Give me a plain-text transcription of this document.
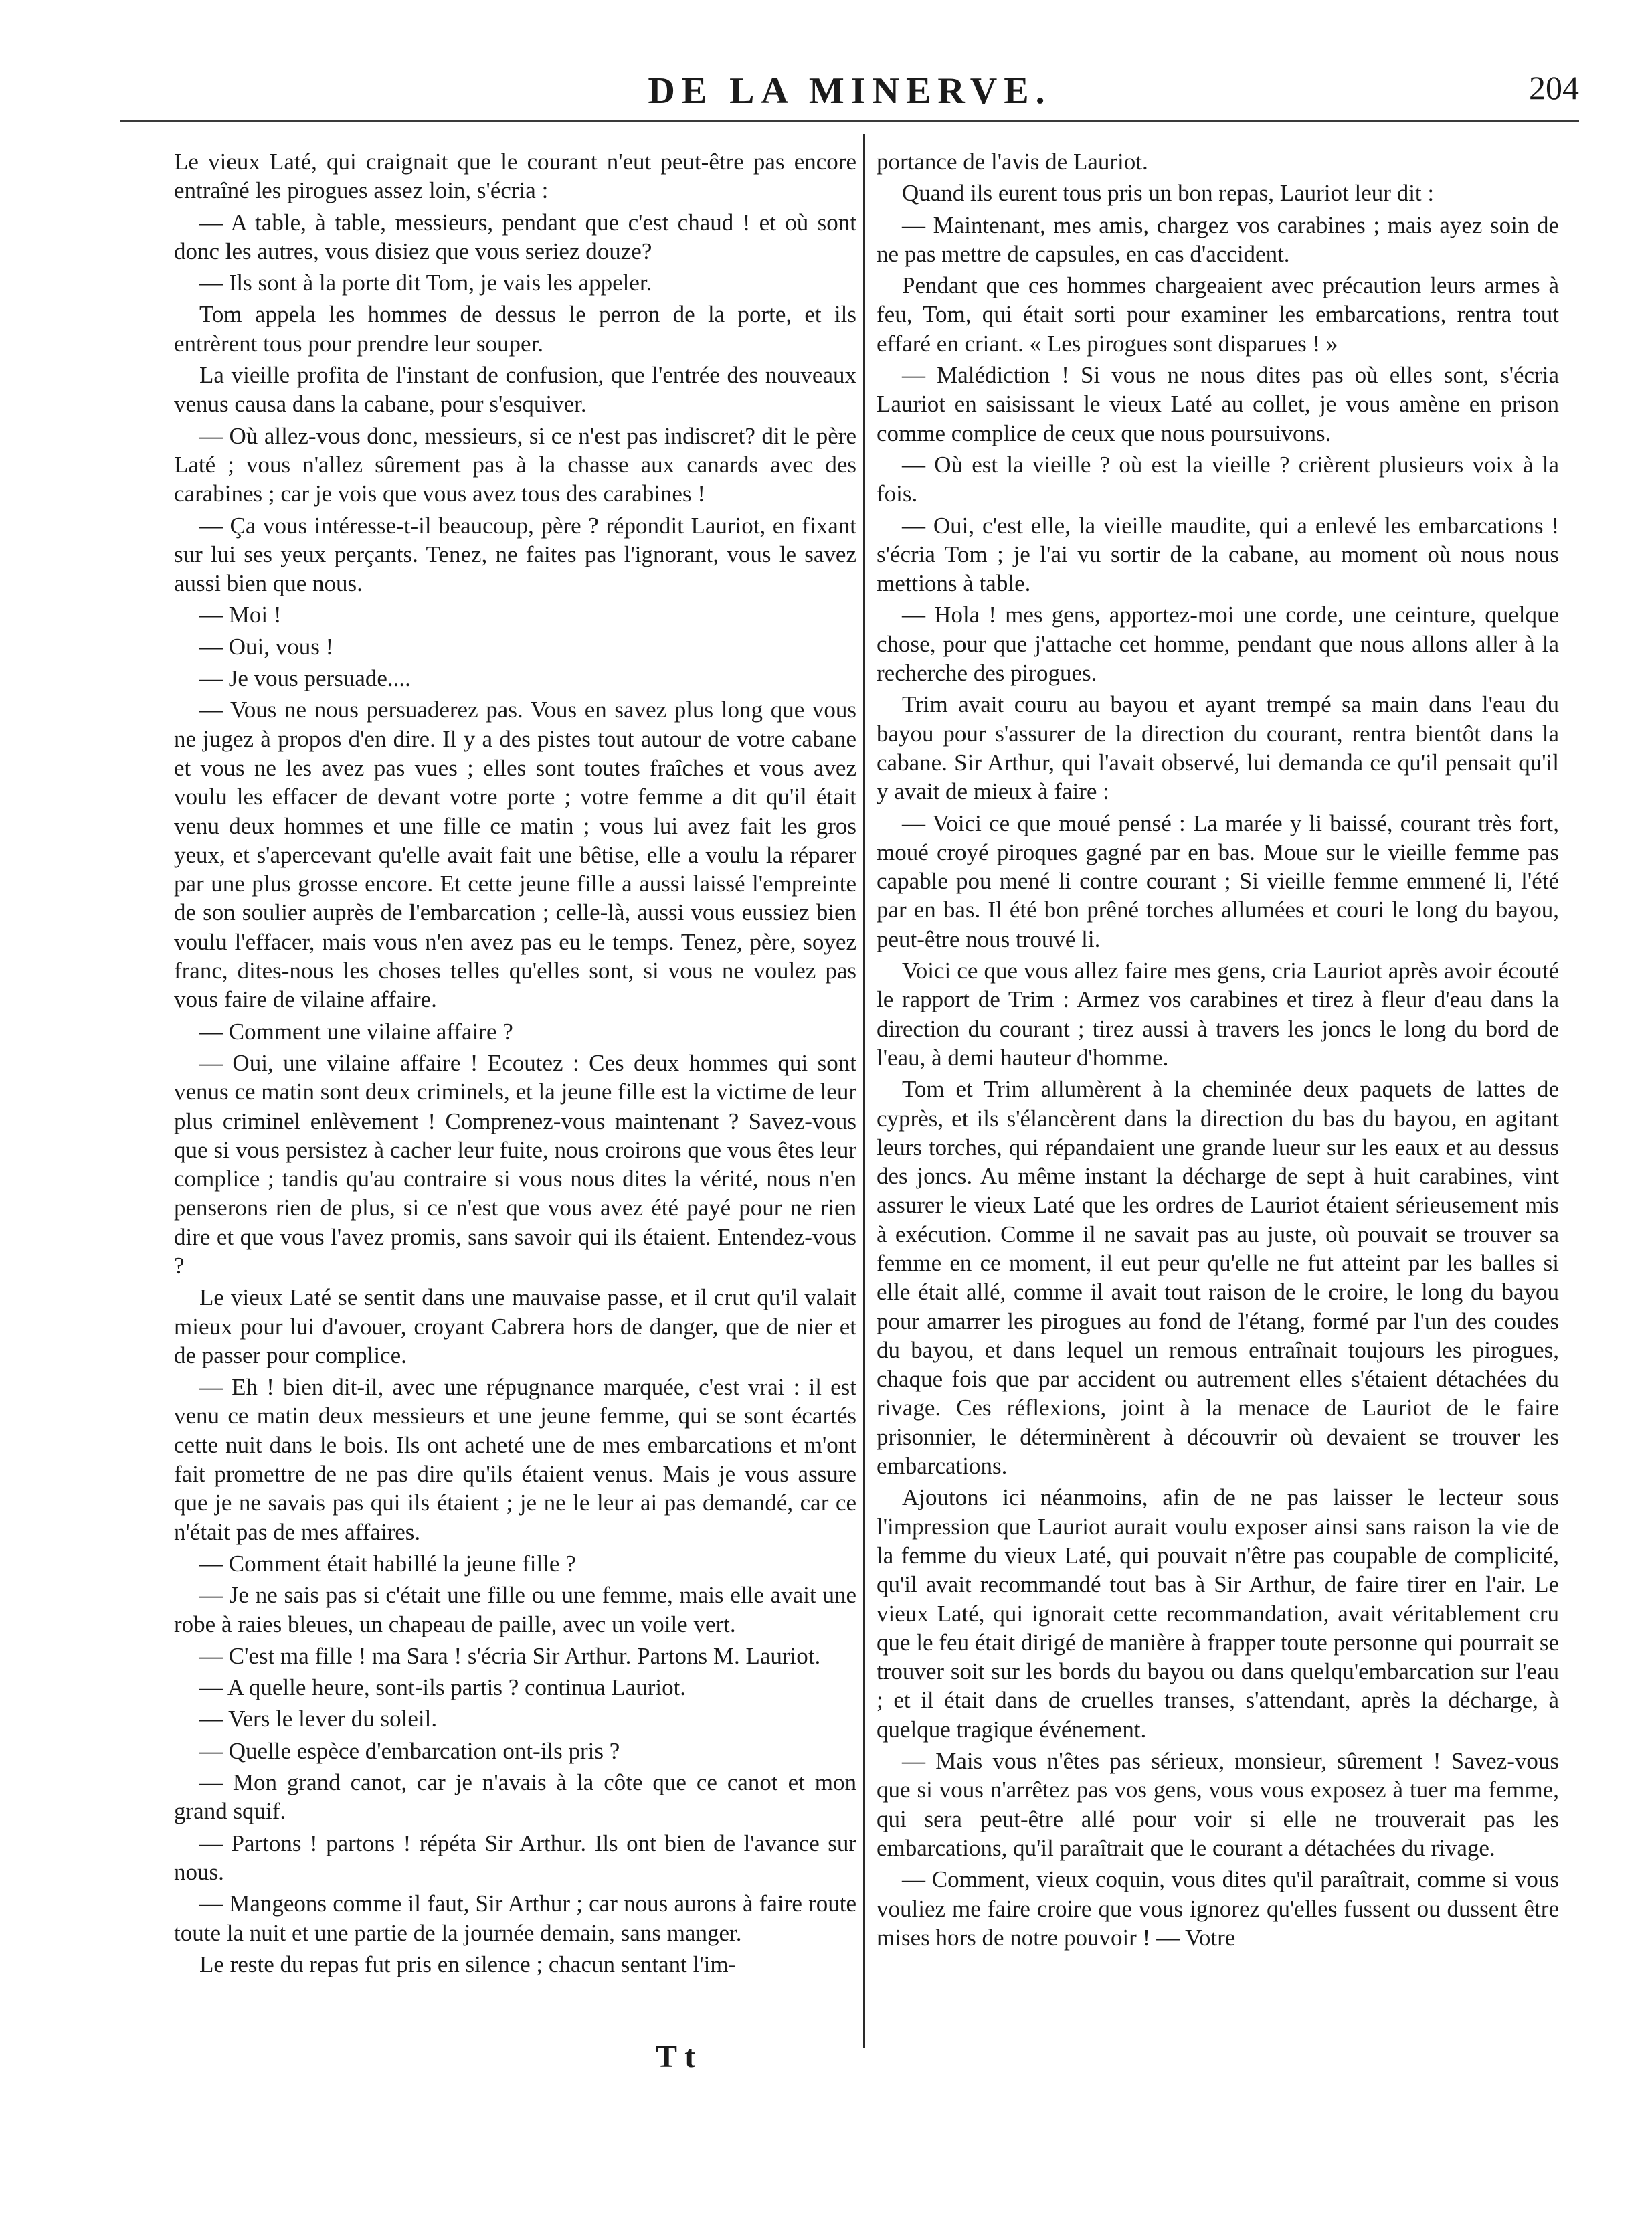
DE LA MINERVE.	204

Le vieux Laté, qui craignait que le courant n'eut peut-être pas encore entraîné les pirogues assez loin, s'écria :

— A table, à table, messieurs, pendant que c'est chaud ! et où sont donc les autres, vous disiez que vous seriez douze?

— Ils sont à la porte dit Tom, je vais les appeler.

Tom appela les hommes de dessus le perron de la porte, et ils entrèrent tous pour prendre leur souper.

La vieille profita de l'instant de confusion, que l'entrée des nouveaux venus causa dans la cabane, pour s'esquiver.

— Où allez-vous donc, messieurs, si ce n'est pas indiscret? dit le père Laté ; vous n'allez sûrement pas à la chasse aux canards avec des carabines ; car je vois que vous avez tous des carabines !

— Ça vous intéresse-t-il beaucoup, père ? répondit Lauriot, en fixant sur lui ses yeux perçants. Tenez, ne faites pas l'ignorant, vous le savez aussi bien que nous.

— Moi !

— Oui, vous !

— Je vous persuade....

— Vous ne nous persuaderez pas. Vous en savez plus long que vous ne jugez à propos d'en dire. Il y a des pistes tout autour de votre cabane et vous ne les avez pas vues ; elles sont toutes fraîches et vous avez voulu les effacer de devant votre porte ; votre femme a dit qu'il était venu deux hommes et une fille ce matin ; vous lui avez fait les gros yeux, et s'apercevant qu'elle avait fait une bêtise, elle a voulu la réparer par une plus grosse encore. Et cette jeune fille a aussi laissé l'empreinte de son soulier auprès de l'embarcation ; celle-là, aussi vous eussiez bien voulu l'effacer, mais vous n'en avez pas eu le temps. Tenez, père, soyez franc, dites-nous les choses telles qu'elles sont, si vous ne voulez pas vous faire de vilaine affaire.

— Comment une vilaine affaire ?

— Oui, une vilaine affaire ! Ecoutez : Ces deux hommes qui sont venus ce matin sont deux criminels, et la jeune fille est la victime de leur plus criminel enlèvement ! Comprenez-vous maintenant ? Savez-vous que si vous persistez à cacher leur fuite, nous croirons que vous êtes leur complice ; tandis qu'au contraire si vous nous dites la vérité, nous n'en penserons rien de plus, si ce n'est que vous avez été payé pour ne rien dire et que vous l'avez promis, sans savoir qui ils étaient. Entendez-vous ?

Le vieux Laté se sentit dans une mauvaise passe, et il crut qu'il valait mieux pour lui d'avouer, croyant Cabrera hors de danger, que de nier et de passer pour complice.

— Eh ! bien dit-il, avec une répugnance marquée, c'est vrai : il est venu ce matin deux messieurs et une jeune femme, qui se sont écartés cette nuit dans le bois. Ils ont acheté une de mes embarcations et m'ont fait promettre de ne pas dire qu'ils étaient venus. Mais je vous assure que je ne savais pas qui ils étaient ; je ne le leur ai pas demandé, car ce n'était pas de mes affaires.

— Comment était habillé la jeune fille ?

— Je ne sais pas si c'était une fille ou une femme, mais elle avait une robe à raies bleues, un chapeau de paille, avec un voile vert.

— C'est ma fille ! ma Sara ! s'écria Sir Arthur. Partons M. Lauriot.

— A quelle heure, sont-ils partis ? continua Lauriot.

— Vers le lever du soleil.

— Quelle espèce d'embarcation ont-ils pris ?

— Mon grand canot, car je n'avais à la côte que ce canot et mon grand squif.

— Partons ! partons ! répéta Sir Arthur. Ils ont bien de l'avance sur nous.

— Mangeons comme il faut, Sir Arthur ; car nous aurons à faire route toute la nuit et une partie de la journée demain, sans manger.

Le reste du repas fut pris en silence ; chacun sentant l'im-

portance de l'avis de Lauriot.

Quand ils eurent tous pris un bon repas, Lauriot leur dit :

— Maintenant, mes amis, chargez vos carabines ; mais ayez soin de ne pas mettre de capsules, en cas d'accident.

Pendant que ces hommes chargeaient avec précaution leurs armes à feu, Tom, qui était sorti pour examiner les embarcations, rentra tout effaré en criant. « Les pirogues sont disparues ! »

— Malédiction ! Si vous ne nous dites pas où elles sont, s'écria Lauriot en saisissant le vieux Laté au collet, je vous amène en prison comme complice de ceux que nous poursuivons.

— Où est la vieille ? où est la vieille ? crièrent plusieurs voix à la fois.

— Oui, c'est elle, la vieille maudite, qui a enlevé les embarcations ! s'écria Tom ; je l'ai vu sortir de la cabane, au moment où nous nous mettions à table.

— Hola ! mes gens, apportez-moi une corde, une ceinture, quelque chose, pour que j'attache cet homme, pendant que nous allons aller à la recherche des pirogues.

Trim avait couru au bayou et ayant trempé sa main dans l'eau du bayou pour s'assurer de la direction du courant, rentra bientôt dans la cabane. Sir Arthur, qui l'avait observé, lui demanda ce qu'il pensait qu'il y avait de mieux à faire :

— Voici ce que moué pensé : La marée y li baissé, courant très fort, moué croyé piroques gagné par en bas. Moue sur le vieille femme pas capable pou mené li contre courant ; Si vieille femme emmené li, l'été par en bas. Il été bon prêné torches allumées et couri le long du bayou, peut-être nous trouvé li.

Voici ce que vous allez faire mes gens, cria Lauriot après avoir écouté le rapport de Trim : Armez vos carabines et tirez à fleur d'eau dans la direction du courant ; tirez aussi à travers les joncs le long du bord de l'eau, à demi hauteur d'homme.

Tom et Trim allumèrent à la cheminée deux paquets de lattes de cyprès, et ils s'élancèrent dans la direction du bas du bayou, en agitant leurs torches, qui répandaient une grande lueur sur les eaux et au dessus des joncs. Au même instant la décharge de sept à huit carabines, vint assurer le vieux Laté que les ordres de Lauriot étaient sérieusement mis à exécution. Comme il ne savait pas au juste, où pouvait se trouver sa femme en ce moment, il eut peur qu'elle ne fut atteint par les balles si elle était allé, comme il avait tout raison de le croire, le long du bayou pour amarrer les pirogues au fond de l'étang, formé par l'un des coudes du bayou, et dans lequel un remous entraînait toujours les pirogues, chaque fois que par accident ou autrement elles s'étaient détachées du rivage. Ces réflexions, joint à la menace de Lauriot de le faire prisonnier, le déterminèrent à découvrir où devaient se trouver les embarcations.

Ajoutons ici néanmoins, afin de ne pas laisser le lecteur sous l'impression que Lauriot aurait voulu exposer ainsi sans raison la vie de la femme du vieux Laté, qui pouvait n'être pas coupable de complicité, qu'il avait recommandé tout bas à Sir Arthur, de faire tirer en l'air. Le vieux Laté, qui ignorait cette recommandation, avait véritablement cru que le feu était dirigé de manière à frapper toute personne qui pourrait se trouver soit sur les bords du bayou ou dans quelqu'embarcation sur l'eau ; et il était dans de cruelles transes, s'attendant, après la décharge, à quelque tragique événement.

— Mais vous n'êtes pas sérieux, monsieur, sûrement ! Savez-vous que si vous n'arrêtez pas vos gens, vous vous exposez à tuer ma femme, qui sera peut-être allé pour voir si elle ne trouverait pas les embarcations, qu'il paraîtrait que le courant a détachées du rivage.

— Comment, vieux coquin, vous dites qu'il paraîtrait, comme si vous vouliez me faire croire que vous ignorez qu'elles fussent ou dussent être mises hors de notre pouvoir ! — Votre

T t
